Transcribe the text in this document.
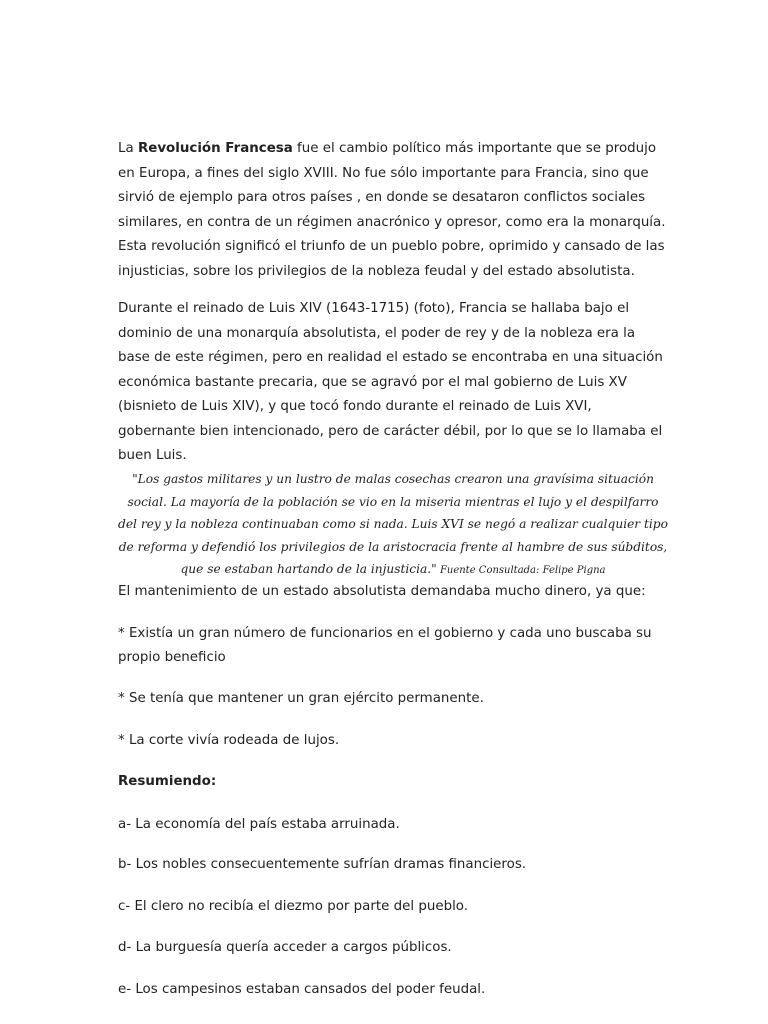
La Revolución Francesa fue el cambio político más importante que se produjo en Europa, a fines del siglo XVIII. No fue sólo importante para Francia, sino que sirvió de ejemplo para otros países , en donde se desataron conflictos sociales similares, en contra de un régimen anacrónico y opresor, como era la monarquía. Esta revolución significó el triunfo de un pueblo pobre, oprimido y cansado de las injusticias, sobre los privilegios de la nobleza feudal y del estado absolutista.

Durante el reinado de Luis XIV (1643-1715) (foto), Francia se hallaba bajo el dominio de una monarquía absolutista, el poder de rey y de la nobleza era la base de este régimen, pero en realidad el estado se encontraba en una situación económica bastante precaria, que se agravó por el mal gobierno de Luis XV (bisnieto de Luis XIV), y que tocó fondo durante el reinado de Luis XVI, gobernante bien intencionado, pero de carácter débil, por lo que se lo llamaba el buen Luis.

"Los gastos militares y un lustro de malas cosechas crearon una gravísima situación social. La mayoría de la población se vio en la miseria mientras el lujo y el despilfarro del rey y la nobleza continuaban como si nada. Luis XVI se negó a realizar cualquier tipo de reforma y defendió los privilegios de la aristocracia frente al hambre de sus súbditos, que se estaban hartando de la injusticia." Fuente Consultada: Felipe Pigna

El mantenimiento de un estado absolutista demandaba mucho dinero, ya que:

* Existía un gran número de funcionarios en el gobierno y cada uno buscaba su propio beneficio

* Se tenía que mantener un gran ejército permanente.

* La corte vivía rodeada de lujos.

Resumiendo:

a- La economía del país estaba arruinada.

b- Los nobles consecuentemente sufrían dramas financieros.

c- El clero no recibía el diezmo por parte del pueblo.

d- La burguesía quería acceder a cargos públicos.

e- Los campesinos estaban cansados del poder feudal.
